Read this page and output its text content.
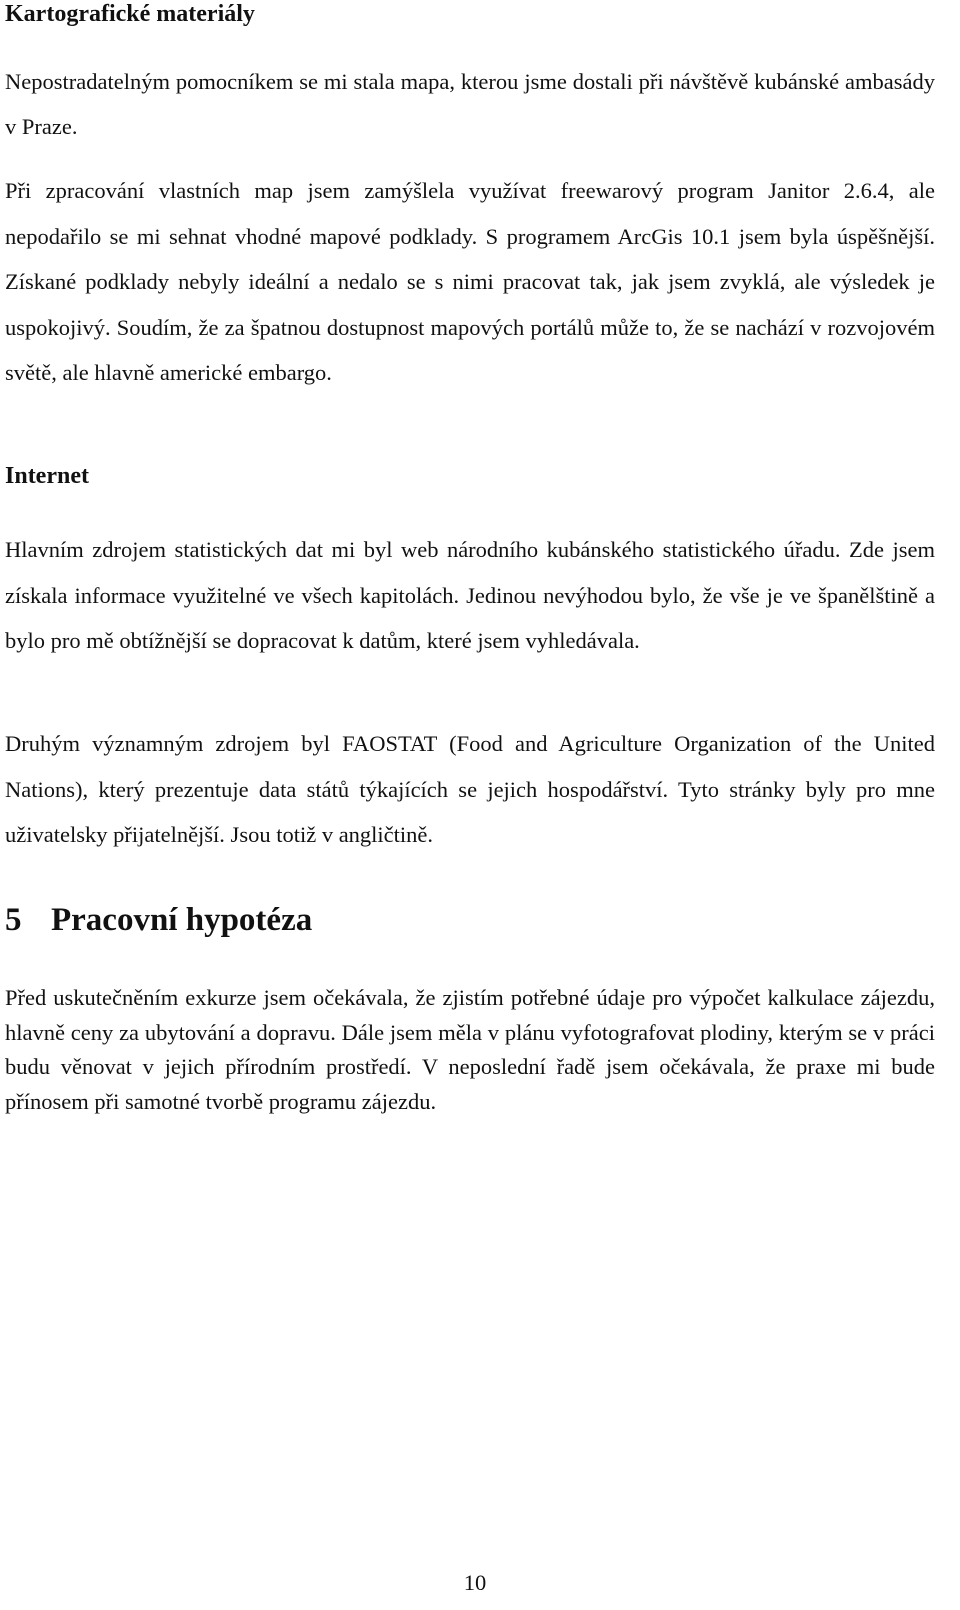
Kartografické materiály

Nepostradatelným pomocníkem se mi stala mapa, kterou jsme dostali při návštěvě kubánské ambasády v Praze.

Při zpracování vlastních map jsem zamýšlela využívat freewarový program Janitor 2.6.4, ale nepodařilo se mi sehnat vhodné mapové podklady. S programem ArcGis 10.1 jsem byla úspěšnější. Získané podklady nebyly ideální a nedalo se s nimi pracovat tak, jak jsem zvyklá, ale výsledek je uspokojivý. Soudím, že za špatnou dostupnost mapových portálů může to, že se nachází v rozvojovém světě, ale hlavně americké embargo.

Internet

Hlavním zdrojem statistických dat mi byl web národního kubánského statistického úřadu. Zde jsem získala informace využitelné ve všech kapitolách. Jedinou nevýhodou bylo, že vše je ve španělštině a bylo pro mě obtížnější se dopracovat k datům, které jsem vyhledávala.

Druhým významným zdrojem byl FAOSTAT (Food and Agriculture Organization of the United Nations), který prezentuje data států týkajících se jejich hospodářství. Tyto stránky byly pro mne uživatelsky přijatelnější. Jsou totiž v angličtině.

5 Pracovní hypotéza

Před uskutečněním exkurze jsem očekávala, že zjistím potřebné údaje pro výpočet kalkulace zájezdu, hlavně ceny za ubytování a dopravu. Dále jsem měla v plánu vyfotografovat plodiny, kterým se v práci budu věnovat v jejich přírodním prostředí. V neposlední řadě jsem očekávala, že praxe mi bude přínosem při samotné tvorbě programu zájezdu.

10
